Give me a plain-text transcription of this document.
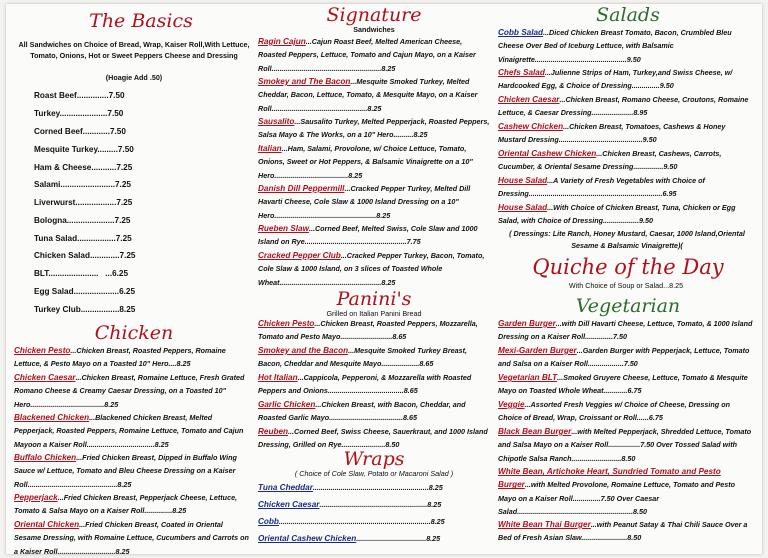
The Basics
All Sandwiches on Choice of Bread, Wrap, Kaiser Roll,With Lettuce, Tomato, Onions, Hot or Sweet Peppers Cheese and Dressing
(Hoagie Add .50)
Roast Beef..............7.50
Turkey.....................7.50
Corned Beef............7.50
Mesquite Turkey.........7.50
Ham & Cheese...........7.25
Salami........................7.25
Liverwurst..................7.25
Bologna.....................7.25
Tuna Salad.................7.25
Chicken Salad.............7.25
BLT......................   ...6.25
Egg Salad....................6.25
Turkey Club.................8.25
Chicken
Chicken Pesto...Chicken Breast, Roasted Peppers, Romaine Lettuce, & Pesto Mayo on a Toasted 10" Hero....8.25
Chicken Caesar...Chicken Breast, Romaine Lettuce, Fresh Grated Romano Cheese & Creamy Caesar Dressing, on a Toasted 10" Hero.....................................8.25
Blackened Chicken...Blackened Chicken Breast, Melted Pepperjack, Roasted Peppers, Romaine Lettuce, Tomato and Cajun Mayoon a Kaiser Roll..................................8.25
Buffalo Chicken...Fried Chicken Breast, Dipped in Buffalo Wing Sauce w/ Lettuce, Tomato and Bleu Cheese Dressing on a Kaiser Roll.............................................8.25
Pepperjack...Fried Chicken Breast, Pepperjack Cheese, Lettuce, Tomato & Salsa Mayo on a Kaiser Roll..............8.25
Oriental Chicken...Fried Chicken Breast, Coated in Oriental Sesame Dressing, with Romaine Lettuce, Cucumbers and Carrots on a Kaiser Roll.............................8.25
Signature
Sandwiches
Ragin Cajun...Cajun Roast Beef, Melted American Cheese, Roasted Peppers, Lettuce, Tomato and Cajun Mayo, on a Kaiser Roll.......................................................8.25
Smokey and The Bacon...Mesquite Smoked Turkey, Melted Cheddar, Bacon, Lettuce, Tomato, & Mesquite Mayo, on a Kaiser Roll................................................8.25
Sausalito...Sausalito Turkey, Melted Pepperjack, Roasted Peppers, Salsa Mayo & The Works, on a 10" Hero..........8.25
Italian...Ham, Salami, Provolone, w/ Choice Lettuce, Tomato, Onions, Sweet or Hot Peppers, & Balsamic Vinaigrette on a 10" Hero.....................................8.25
Danish Dill Peppermill...Cracked Pepper Turkey, Melted Dill Havarti Cheese, Cole Slaw & 1000 Island Dressing on a 10" Hero...................................................8.25
Rueben Slaw...Corned Beef, Melted Swiss, Cole Slaw and 1000 Island on Rye...................................................7.75
Cracked Pepper Club...Cracked Pepper Turkey, Bacon, Tomato, Cole Slaw & 1000 Island, on 3 slices of Toasted Whole Wheat...................................................8.25
Panini's
Grilled on Italian Panini Bread
Chicken Pesto...Chicken Breast, Roasted Peppers, Mozzarella, Tomato and Pesto Mayo..........................8.65
Smokey and the Bacon...Mesquite Smoked Turkey Breast, Bacon, Cheddar and Mesquite Mayo...................8.65
Hot Italian...Cappicola, Pepperoni, & Mozzarella with Roasted Peppers and Onions......................................8.65
Garlic Chicken...Chicken Breast, with Bacon, Cheddar, and Roasted Garlic Mayo.....................................8.65
Reuben...Corned Beef, Swiss Cheese, Sauerkraut, and 1000 Island Dressing, Grilled on Rye......................8.50
Wraps
( Choice of Cole Slaw, Potato or Macaroni Salad )
Tuna Cheddar..........................................................8.25
Chicken Caesar......................................................8.25
Cobb............................................................................8.25
Oriental Cashew Chicken...................................8.25
Salads
Cobb Salad...Diced Chicken Breast Tomato, Bacon, Crumbled Bleu Cheese Over Bed of Iceburg Lettuce, with Balsamic Vinaigrette..............................................9.50
Chefs Salad...Julienne Strips of Ham, Turkey,and Swiss Cheese, w/ Hardcooked Egg, & Choice of Dressing..............9.50
Chicken Caesar...Chicken Breast, Romano Cheese, Croutons, Romaine Lettuce, & Caesar Dressing.....................8.95
Cashew Chicken...Chicken Breast, Tomatoes, Cashews & Honey Mustard Dressing..........................................9.50
Oriental Cashew Chicken...Chicken Breast, Cashews, Carrots, Cucumber, & Oriental Sesame Dressing...............9.50
House Salad...A Variety of Fresh Vegetables with Choice of Dressing...................................................................6.95
House Salad...With Choice of Chicken Breast, Tuna, Chicken or Egg Salad, with Choice of Dressing..................9.50
( Dressings: Lite Ranch, Honey Mustard, Caesar, 1000 Island,Oriental Sesame & Balsamic Vinaigrette)(
Quiche of the Day
With Choice of Soup or Salad...8.25
Vegetarian
Garden Burger...with Dill Havarti Cheese, Lettuce, Tomato, & 1000 Island Dressing on a Kaiser Roll..............7.50
Mexi-Garden Burger...Garden Burger with Pepperjack, Lettuce, Tomato and Salsa on a Kaiser Roll..................7.50
Vegetarian BLT...Smoked Gruyere Cheese, Lettuce, Tomato & Mesquite Mayo on Toasted Whole Wheat............6.75
Veggie...Assorted Fresh Veggies w/ Choice of Cheese, Dressing on Choice of Bread, Wrap, Croissant or Roll......6.75
Black Bean Burger...with Melted Pepperjack, Shredded Lettuce, Tomato and Salsa Mayo on a Kaiser Roll................7.50 Over Tossed Salad with Chipotle Salsa Ranch.........................8.50
White Bean, Artichoke Heart, Sundried Tomato and Pesto Burger...with Melted Provolone, Romaine Lettuce, Tomato and Pesto Mayo on a Kaiser Roll..............7.50 Over Caesar Salad..........................................................8.50
White Bean Thai Burger...with Peanut Satay & Thai Chili Sauce Over a Bed of Fresh Asian Slaw.......................8.50
